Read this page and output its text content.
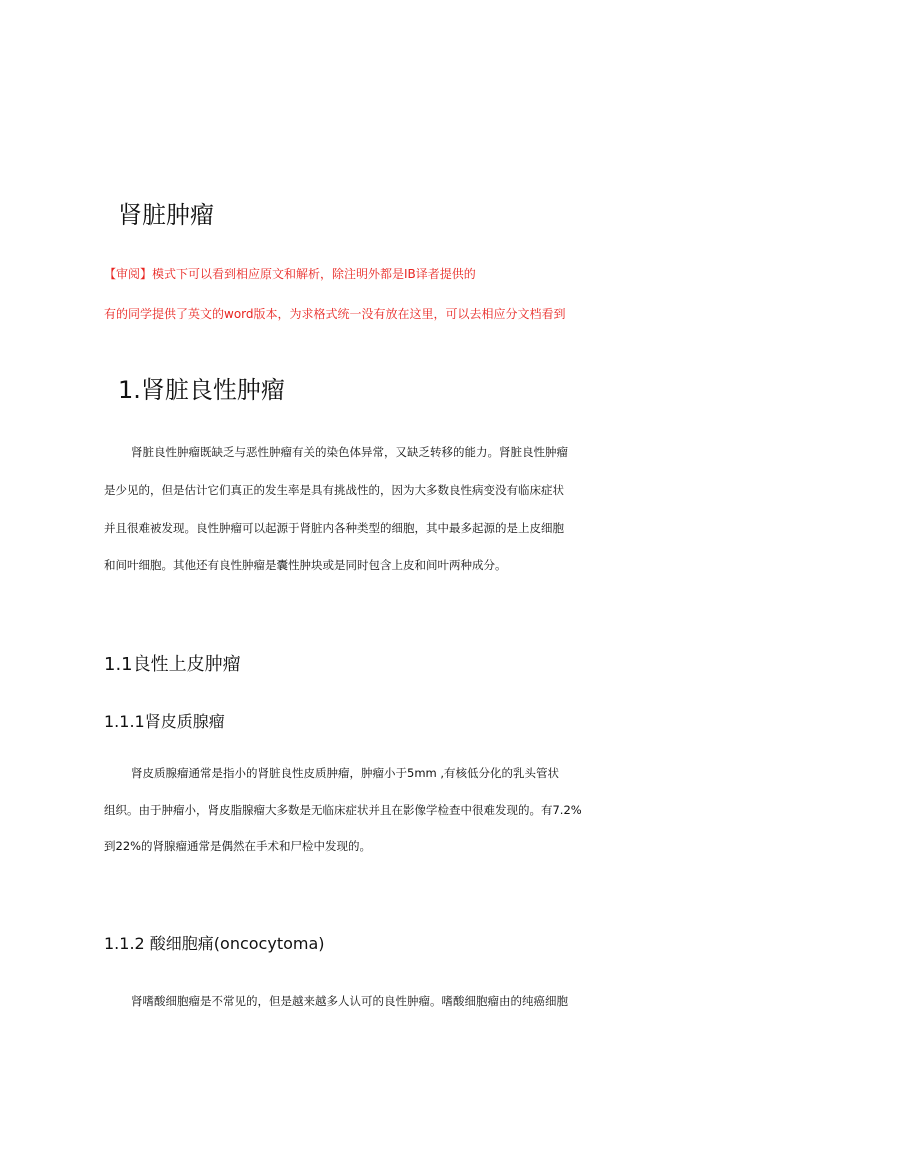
肾脏肿瘤

【审阅】模式下可以看到相应原文和解析，除注明外都是IB译者提供的

有的同学提供了英文的word版本，为求格式统一没有放在这里，可以去相应分文档看到

1.肾脏良性肿瘤

肾脏良性肿瘤既缺乏与恶性肿瘤有关的染色体异常，又缺乏转移的能力。肾脏良性肿瘤

是少见的，但是估计它们真正的发生率是具有挑战性的，因为大多数良性病变没有临床症状

并且很难被发现。良性肿瘤可以起源于肾脏内各种类型的细胞，其中最多起源的是上皮细胞

和间叶细胞。其他还有良性肿瘤是囊性肿块或是同时包含上皮和间叶两种成分。

1.1良性上皮肿瘤
1.1.1肾皮质腺瘤

肾皮质腺瘤通常是指小的肾脏良性皮质肿瘤，肿瘤小于5mm ,有核低分化的乳头管状

组织。由于肿瘤小，肾皮脂腺瘤大多数是无临床症状并且在影像学检查中很难发现的。有7.2%

到22%的肾腺瘤通常是偶然在手术和尸检中发现的。

1.1.2 酸细胞痛(oncocytoma)

肾嗜酸细胞瘤是不常见的，但是越来越多人认可的良性肿瘤。嗜酸细胞瘤由的纯癌细胞
